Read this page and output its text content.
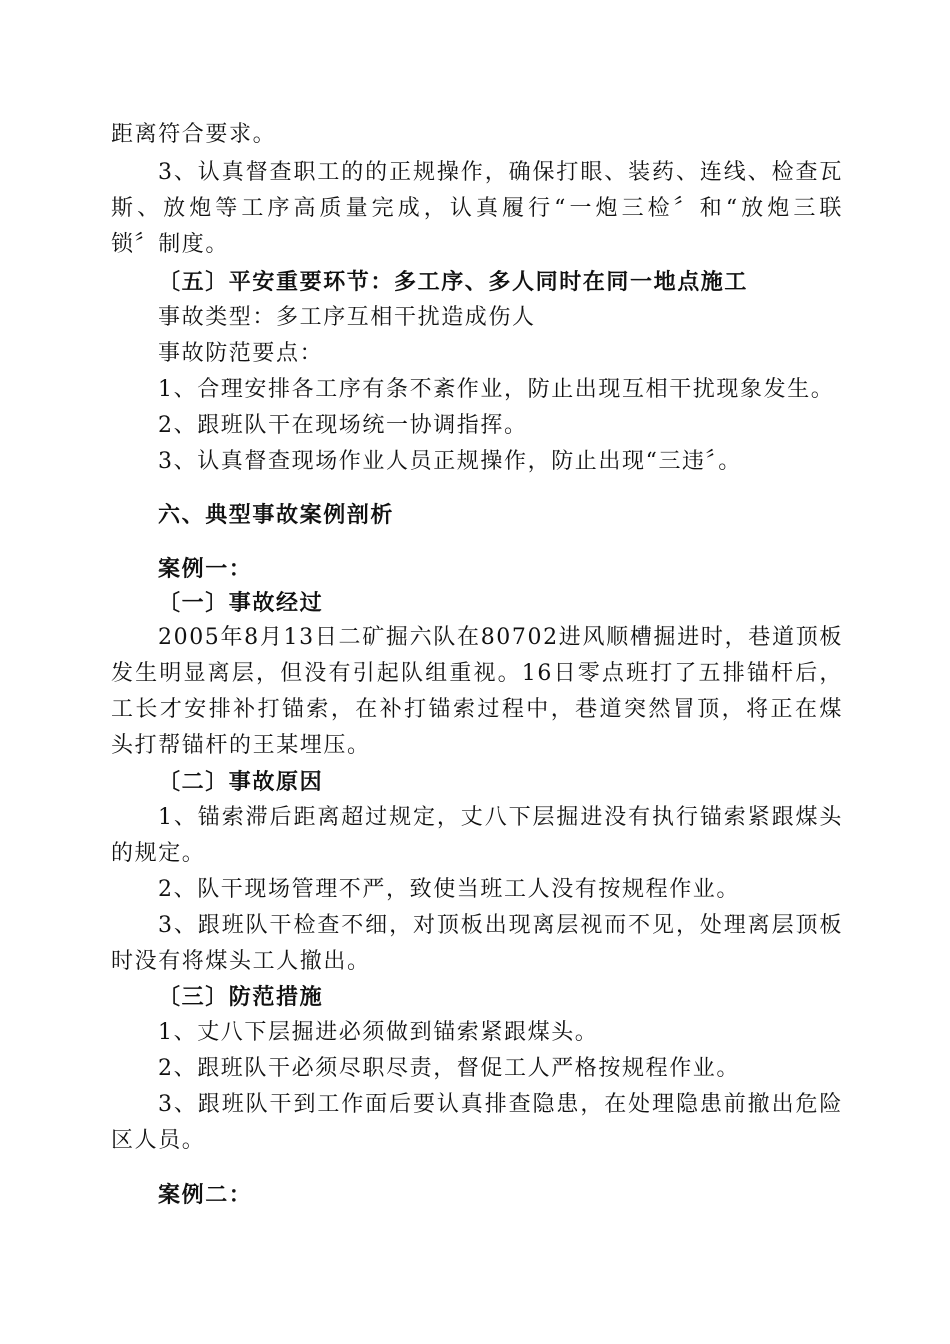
距离符合要求。
3、认真督查职工的的正规操作，确保打眼、装药、连线、检查瓦
斯、放炮等工序高质量完成，认真履行“一炮三检〞和“放炮三联
锁〞制度。
〔五〕平安重要环节：多工序、多人同时在同一地点施工
事故类型：多工序互相干扰造成伤人
事故防范要点：
1、合理安排各工序有条不紊作业，防止出现互相干扰现象发生。
2、跟班队干在现场统一协调指挥。
3、认真督查现场作业人员正规操作，防止出现“三违〞。
六、典型事故案例剖析
案例一：
〔一〕事故经过
2005年8月13日二矿掘六队在80702进风顺槽掘进时，巷道顶板
发生明显离层，但没有引起队组重视。16日零点班打了五排锚杆后，
工长才安排补打锚索，在补打锚索过程中，巷道突然冒顶，将正在煤
头打帮锚杆的王某埋压。
〔二〕事故原因
1、锚索滞后距离超过规定，丈八下层掘进没有执行锚索紧跟煤头
的规定。
2、队干现场管理不严，致使当班工人没有按规程作业。
3、跟班队干检查不细，对顶板出现离层视而不见，处理离层顶板
时没有将煤头工人撤出。
〔三〕防范措施
1、丈八下层掘进必须做到锚索紧跟煤头。
2、跟班队干必须尽职尽责，督促工人严格按规程作业。
3、跟班队干到工作面后要认真排查隐患，在处理隐患前撤出危险
区人员。
案例二：
